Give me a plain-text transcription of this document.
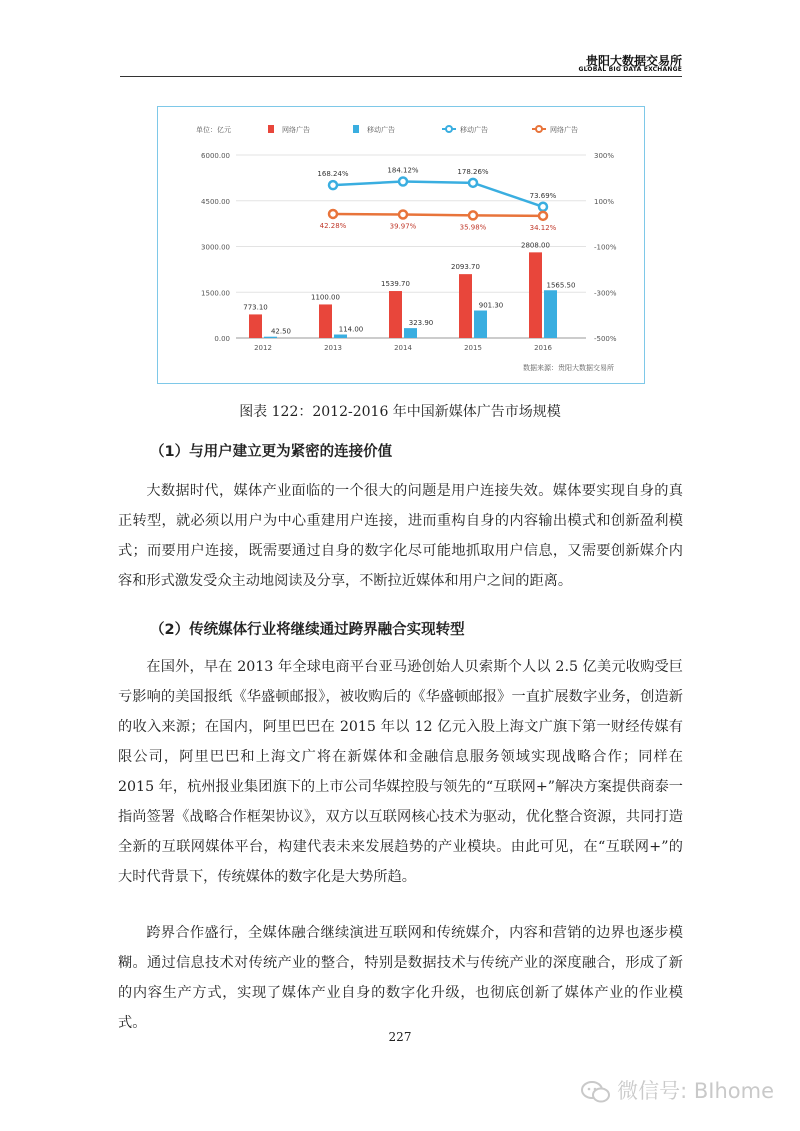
贵阳大数据交易所
GLOBAL BIG DATA EXCHANGE
0.00
1500.00
3000.00
4500.00
6000.00
-500%
-300%
-100%
100%
300%
773.10
1100.00
1539.70
2093.70
2808.00
42.50	114.00
323.90
901.30
1565.50
168.24%	184.12%	178.26%
73.69%
42.28%	39.97%	35.98%	34.12%
2012	2013	2014	2015	2016
单位：亿元	网络广告	移动广告	移动广告	网络广告
数据来源：贵阳大数据交易所
图表 122：2012-2016 年中国新媒体广告市场规模
（1）与用户建立更为紧密的连接价值
大数据时代，媒体产业面临的一个很大的问题是用户连接失效。媒体要实现自身的真正转型，就必须以用户为中心重建用户连接，进而重构自身的内容输出模式和创新盈利模式；而要用户连接，既需要通过自身的数字化尽可能地抓取用户信息，又需要创新媒介内容和形式激发受众主动地阅读及分享，不断拉近媒体和用户之间的距离。
（2）传统媒体行业将继续通过跨界融合实现转型
在国外，早在 2013 年全球电商平台亚马逊创始人贝索斯个人以 2.5 亿美元收购受巨亏影响的美国报纸《华盛顿邮报》，被收购后的《华盛顿邮报》一直扩展数字业务，创造新的收入来源；在国内，阿里巴巴在 2015 年以 12 亿元入股上海文广旗下第一财经传媒有限公司，阿里巴巴和上海文广将在新媒体和金融信息服务领域实现战略合作；同样在 2015 年，杭州报业集团旗下的上市公司华媒控股与领先的“互联网+”解决方案提供商泰一指尚签署《战略合作框架协议》，双方以互联网核心技术为驱动，优化整合资源，共同打造全新的互联网媒体平台，构建代表未来发展趋势的产业模块。由此可见，在“互联网+”的大时代背景下，传统媒体的数字化是大势所趋。
跨界合作盛行，全媒体融合继续演进互联网和传统媒介，内容和营销的边界也逐步模糊。通过信息技术对传统产业的整合，特别是数据技术与传统产业的深度融合，形成了新的内容生产方式，实现了媒体产业自身的数字化升级，也彻底创新了媒体产业的作业模式。
227
微信号: BIhome
